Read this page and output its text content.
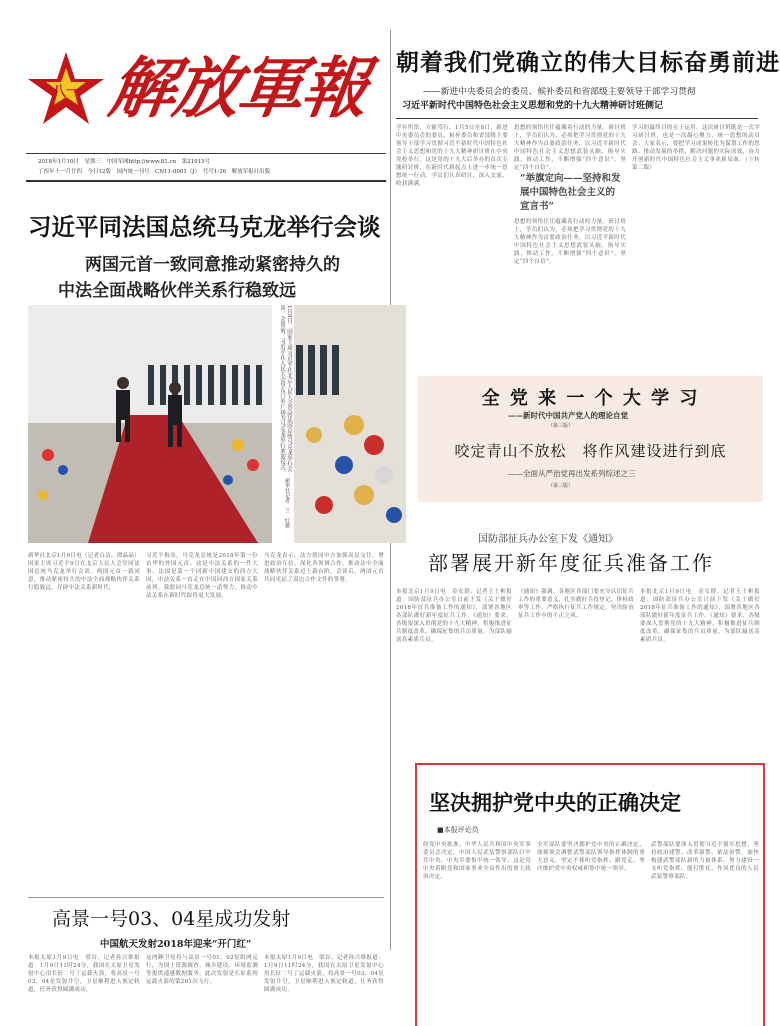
八一 解放軍報
2018年1月10日　星期三　中国军网http://www.81.cn　第21915号
丁酉年十一月廿四　今日12版　国内统一刊号：CN11-0001（J）　代号1-26　解放军报社出版
朝着我们党确立的伟大目标奋勇前进
——新进中央委员会的委员、候补委员和省部级主要领导干部学习贯彻
习近平新时代中国特色社会主义思想和党的十九大精神研讨班侧记
学有所悟，方能笃行。1月5日至8日，新进中央委员会的委员、候补委员和省部级主要领导干部学习贯彻习近平新时代中国特色社会主义思想和党的十九大精神研讨班在中央党校举行。这是党的十九大后举办的首次专题研讨班，在新时代新起点上进一步统一思想统一行动。学员们认真研讨，深入交流，收获满满。
思想的领悟往往蕴藏着行动的力量。研讨班上，学员们认为，必须把学习贯彻党的十九大精神作为首要政治任务，以习近平新时代中国特色社会主义思想武装头脑、指导实践、推动工作，不断增强“四个意识”，坚定“四个自信”。
“举旗定向——坚持和发展中国特色社会主义的宣言书”
思想的领悟往往蕴藏着行动的力量。研讨班上，学员们认为，必须把学习贯彻党的十九大精神作为首要政治任务，以习近平新时代中国特色社会主义思想武装头脑、指导实践、推动工作，不断增强“四个意识”，坚定“四个自信”。
学习的最终目的在于运用。这次研讨班既是一次学习研讨班，也是一次凝心聚力、统一思想的动员会。大家表示，要把学习成果转化为谋划工作的思路、推动发展的举措、解决问题的实际成效，奋力开创新时代中国特色社会主义事业新局面。（下转第二版）
全 党 来 一 个 大 学 习
——新时代中国共产党人的理论自觉
（第三版）
咬定青山不放松　将作风建设进行到底
——全面从严治党再出发系列综述之三
（第三版）
习近平同法国总统马克龙举行会谈
两国元首一致同意推动紧密持久的
中法全面战略伙伴关系行稳致远
1月9日，国家主席习近平在北京人民大会堂同法国总统马克龙举行会谈。会谈前，习近平在人民大会堂东门外广场为马克龙举行欢迎仪式。
新华社记者　兰　红摄
新华社北京1月9日电（记者白洁、谭晶晶）国家主席习近平9日在北京人民大会堂同法国总统马克龙举行会谈。两国元首一致同意，推动紧密持久的中法全面战略伙伴关系行稳致远，开辟中法关系新时代。
习近平指出，马克龙总统是2018年第一位访华的外国元首。这是中法关系的一件大事。法国是第一个同新中国建交的西方大国，中法关系一直走在中国同西方国家关系前列。我愿同马克龙总统一道努力，推动中法关系在新时代取得更大发展。
马克龙表示，法方愿同中方加强高层交往，增进政治互信，深化各领域合作，推动法中全面战略伙伴关系迈上新台阶。会谈后，两国元首共同见证了双边合作文件的签署。
国防部征兵办公室下发《通知》
部署展开新年度征兵准备工作
本报北京1月9日电　金女群、记者王士彬报道：国防部征兵办公室日前下发《关于做好2018年征兵准备工作的通知》，部署各地区各部队做好新年度征兵工作。《通知》要求，各级要深入贯彻党的十九大精神，积极推进征兵制度改革，确保征集的兵员质量，为部队输送高素质兵员。
《通知》强调，各地区各部门要充分认识征兵工作的重要意义，扎实做好兵役登记、体检政审等工作，严格执行征兵工作规定，坚决防治征兵工作中的不正之风。
本报北京1月9日电　金女群、记者王士彬报道：国防部征兵办公室日前下发《关于做好2018年征兵准备工作的通知》，部署各地区各部队做好新年度征兵工作。《通知》要求，各级要深入贯彻党的十九大精神，积极推进征兵制度改革，确保征集的兵员质量，为部队输送高素质兵员。
坚决拥护党中央的正确决定
■本报评论员
经党中央批准，中华人民共和国中央军事委员会决定，中国人民武装警察部队归中共中央、中央军委集中统一领导。这是党中央着眼党和国家事业全局作出的重大政治决定。
全军部队要坚决拥护党中央的正确决定，深刻领会调整武警部队领导指挥体制的重大意义，坚定不移听党指挥、跟党走，坚决维护党中央权威和集中统一领导。
武警部队要深入贯彻习近平强军思想，坚持政治建警、改革强警、依法治警，加快构建武警部队新的力量体系，努力建设一支听党指挥、能打胜仗、作风优良的人民武装警察部队。
高景一号03、04星成功发射
中国航天发射2018年迎来“开门红”
本报太原1月9日电　梁谷、记者孙兴维报道：1月9日11时24分，我国在太原卫星发射中心用长征二号丁运载火箭，将高景一号03、04星发射升空，卫星顺利进入预定轨道，任务获得圆满成功。
这两颗卫星将与高景一号01、02星组网运行，为国土资源调查、城乡建设、环境监测等提供遥感数据服务。此次发射是长征系列运载火箭的第261次飞行。
本报太原1月9日电　梁谷、记者孙兴维报道：1月9日11时24分，我国在太原卫星发射中心用长征二号丁运载火箭，将高景一号03、04星发射升空，卫星顺利进入预定轨道，任务获得圆满成功。
